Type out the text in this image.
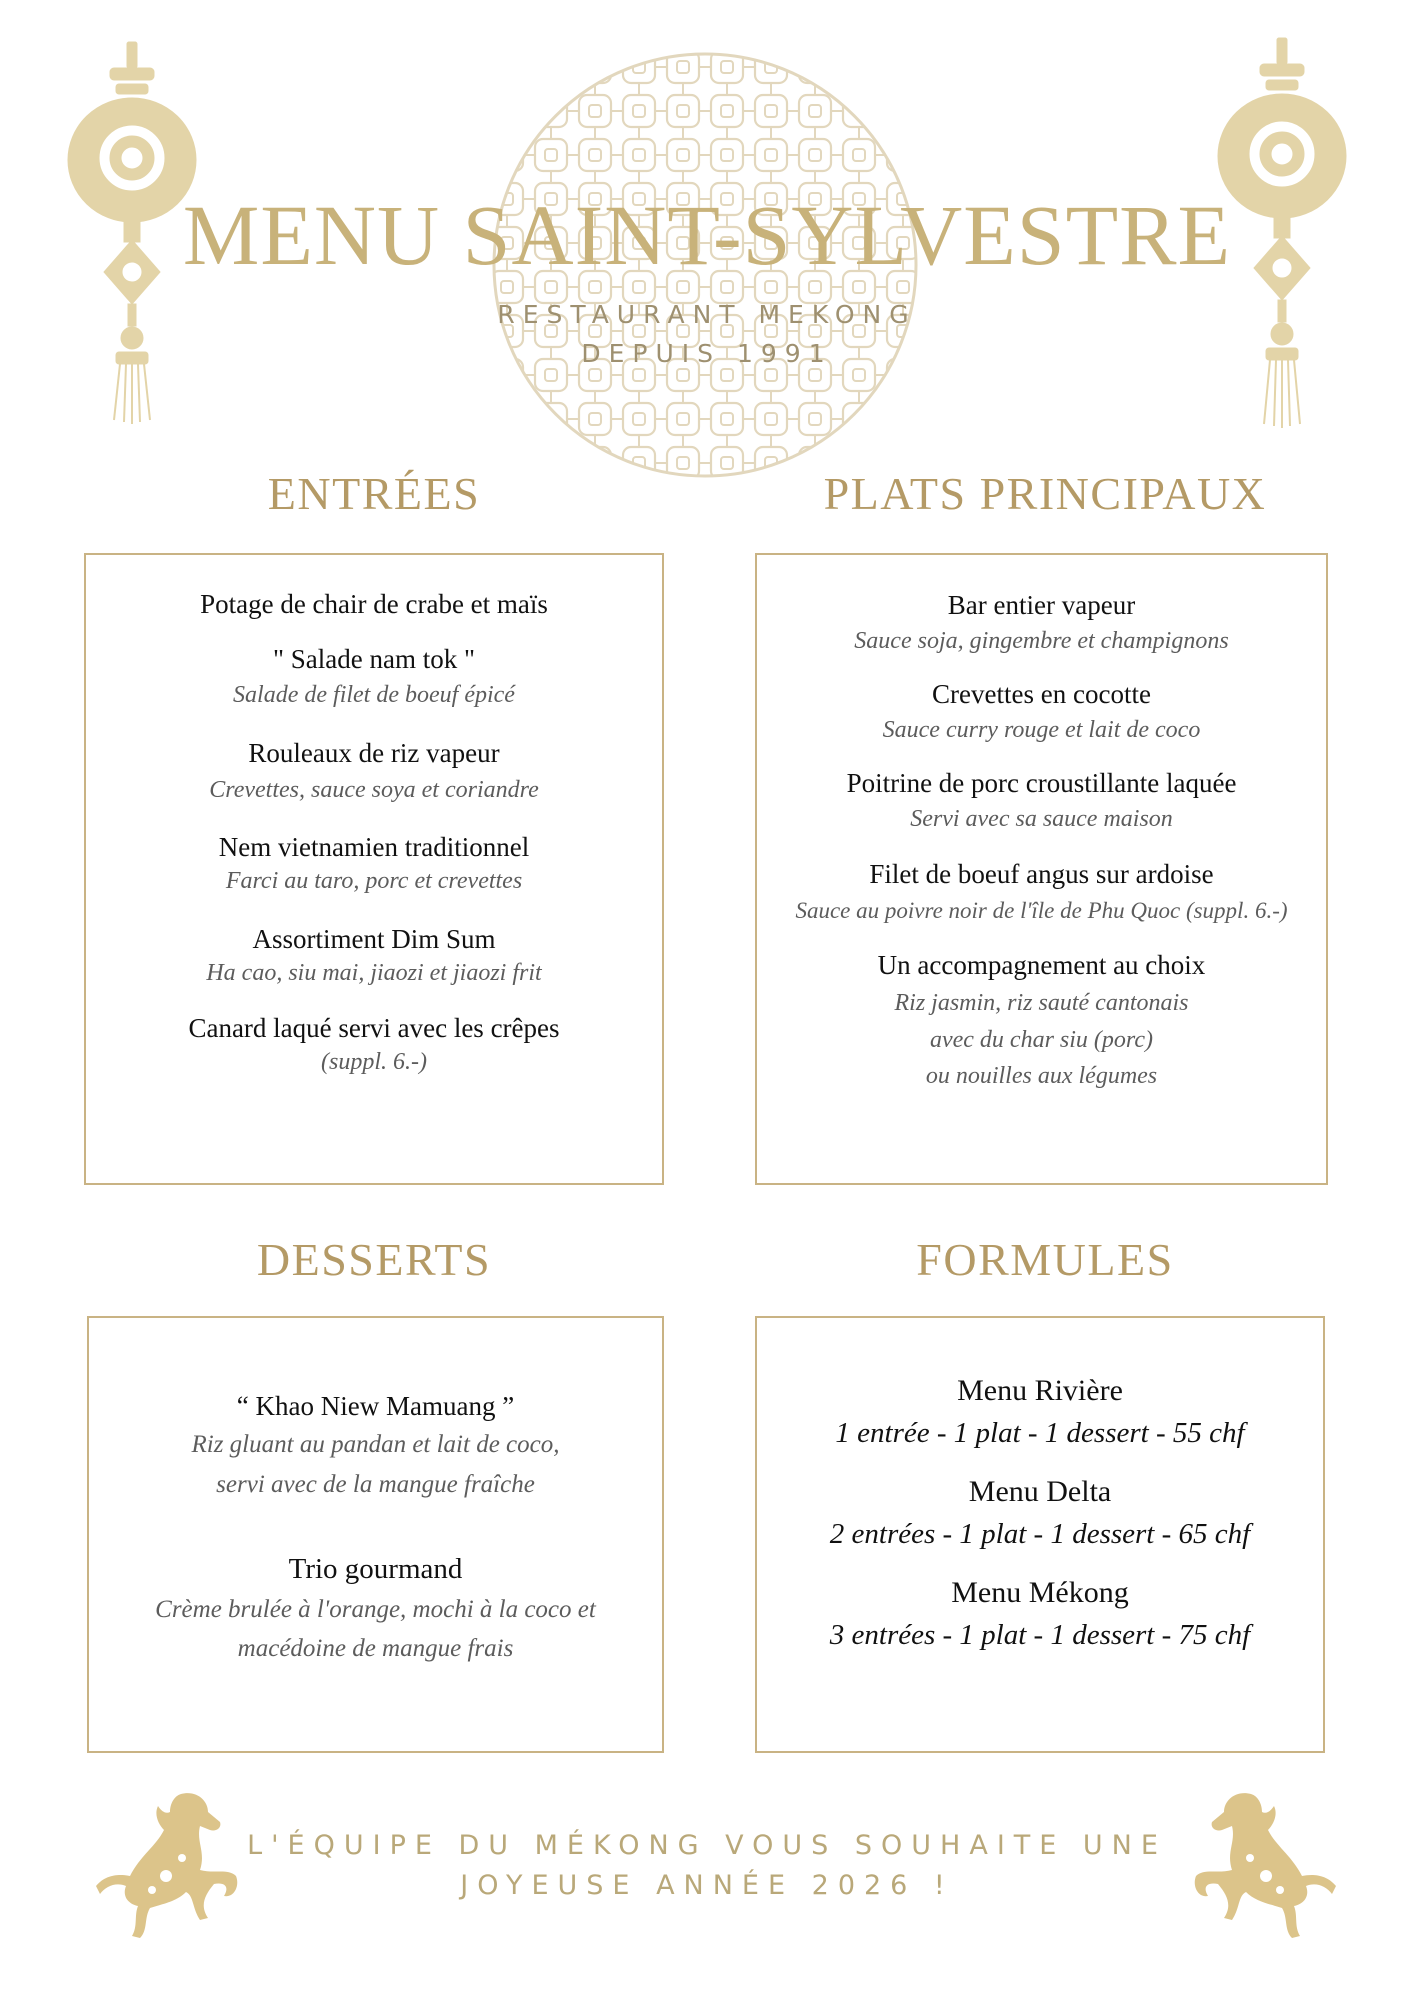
MENU SAINT-SYLVESTRE
RESTAURANT MEKONG
DEPUIS 1991
ENTRÉES	PLATS PRINCIPAUX
DESSERTS	FORMULES
Potage de chair de crabe et maïs
" Salade nam tok "
Salade de filet de boeuf épicé
Rouleaux de riz vapeur
Crevettes, sauce soya et coriandre
Nem vietnamien traditionnel
Farci au taro, porc et crevettes
Assortiment Dim Sum
Ha cao, siu mai, jiaozi et jiaozi frit
Canard laqué servi avec les crêpes
(suppl. 6.-)
Bar entier vapeur
Sauce soja, gingembre et champignons
Crevettes en cocotte
Sauce curry rouge et lait de coco
Poitrine de porc croustillante laquée
Servi avec sa sauce maison
Filet de boeuf angus sur ardoise
Sauce au poivre noir de l'île de Phu Quoc (suppl. 6.-)
Un accompagnement au choix
Riz jasmin, riz sauté cantonais
avec du char siu (porc)
ou nouilles aux légumes
“ Khao Niew Mamuang ”
Riz gluant au pandan et lait de coco,
servi avec de la mangue fraîche
Trio gourmand
Crème brulée à l'orange, mochi à la coco et
macédoine de mangue frais
Menu Rivière
1 entrée - 1 plat - 1 dessert - 55 chf
Menu Delta
2 entrées - 1 plat - 1 dessert - 65 chf
Menu Mékong
3 entrées - 1 plat - 1 dessert - 75 chf
L'ÉQUIPE DU MÉKONG VOUS SOUHAITE UNE
JOYEUSE ANNÉE 2026 !
